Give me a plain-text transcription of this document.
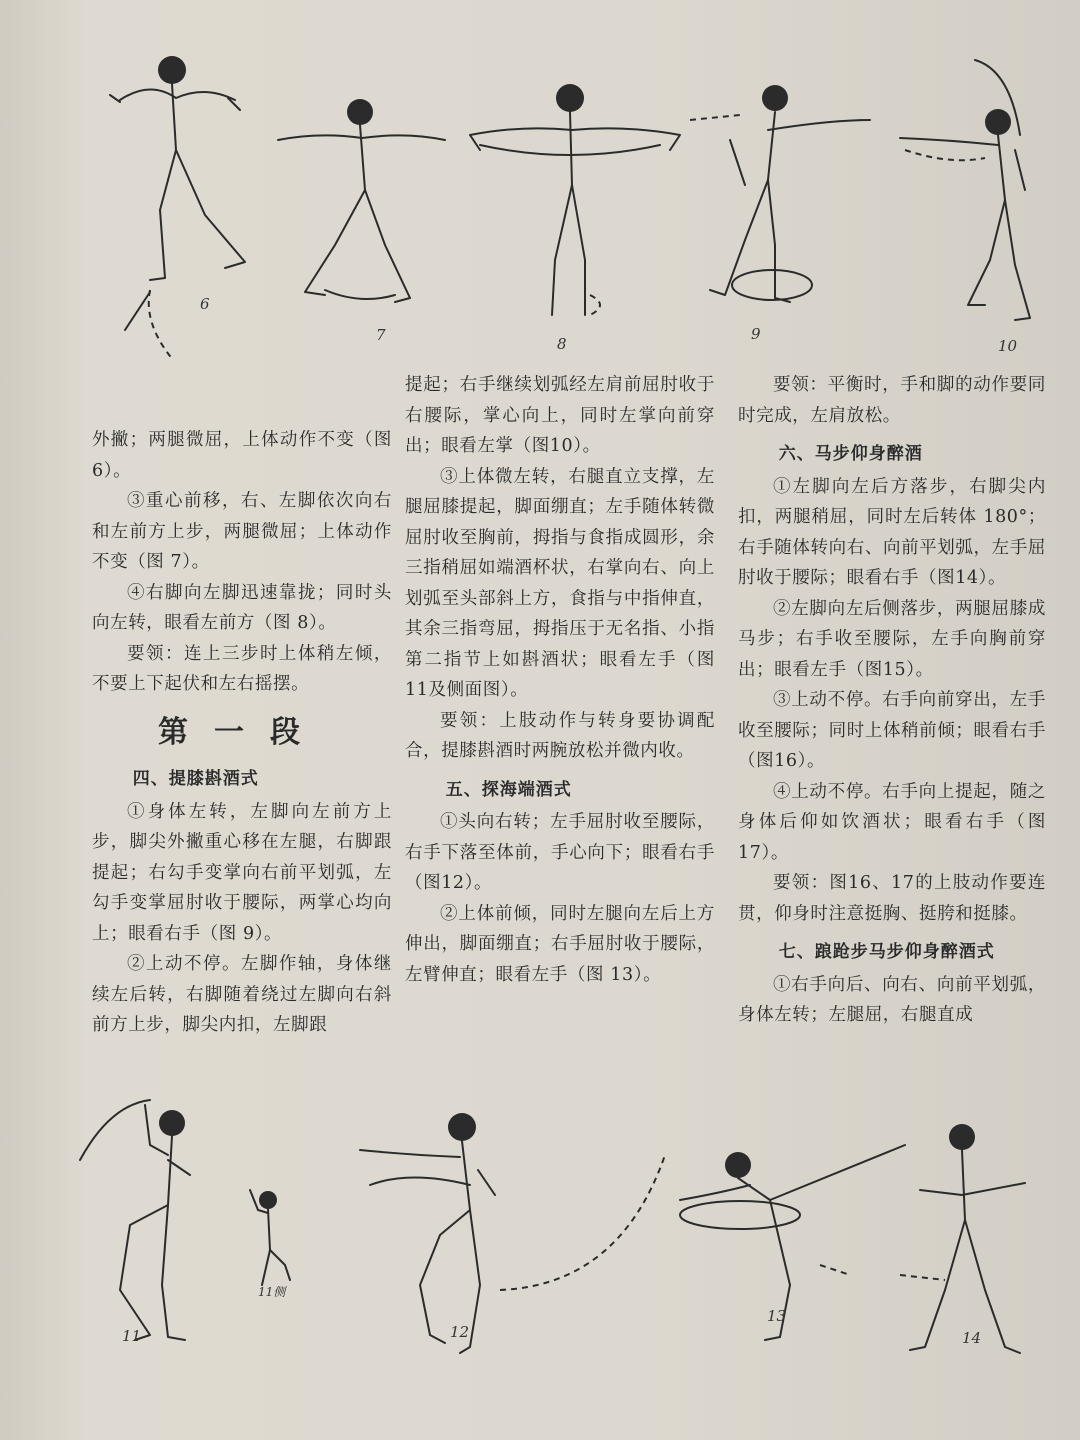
6
7	8
9
10

外撇；两腿微屈，上体动作不变（图 6）。

③重心前移，右、左脚依次向右和左前方上步，两腿微屈；上体动作不变（图 7）。

④右脚向左脚迅速靠拢；同时头向左转，眼看左前方（图 8）。

要领：连上三步时上体稍左倾，不要上下起伏和左右摇摆。

第一段
四、提膝斟酒式

①身体左转，左脚向左前方上步，脚尖外撇重心移在左腿，右脚跟提起；右勾手变掌向右前平划弧，左勾手变掌屈肘收于腰际，两掌心均向上；眼看右手（图 9）。

②上动不停。左脚作轴，身体继续左后转，右脚随着绕过左脚向右斜前方上步，脚尖内扣，左脚跟

提起；右手继续划弧经左肩前屈肘收于右腰际，掌心向上，同时左掌向前穿出；眼看左掌（图10）。

③上体微左转，右腿直立支撑，左腿屈膝提起，脚面绷直；左手随体转微屈肘收至胸前，拇指与食指成圆形，余三指稍屈如端酒杯状，右掌向右、向上划弧至头部斜上方，食指与中指伸直，其余三指弯屈，拇指压于无名指、小指第二指节上如斟酒状；眼看左手（图11及侧面图）。

要领：上肢动作与转身要协调配合，提膝斟酒时两腕放松并微内收。

五、探海端酒式

①头向右转；左手屈肘收至腰际，右手下落至体前，手心向下；眼看右手（图12）。

②上体前倾，同时左腿向左后上方伸出，脚面绷直；右手屈肘收于腰际，左臂伸直；眼看左手（图 13）。

要领：平衡时，手和脚的动作要同时完成，左肩放松。

六、马步仰身醉酒

①左脚向左后方落步，右脚尖内扣，两腿稍屈，同时左后转体 180°；右手随体转向右、向前平划弧，左手屈肘收于腰际；眼看右手（图14）。

②左脚向左后侧落步，两腿屈膝成马步；右手收至腰际，左手向胸前穿出；眼看左手（图15）。

③上动不停。右手向前穿出，左手收至腰际；同时上体稍前倾；眼看右手（图16）。

④上动不停。右手向上提起，随之身体后仰如饮酒状；眼看右手（图17）。

要领：图16、17的上肢动作要连贯，仰身时注意挺胸、挺胯和挺膝。

七、踉跄步马步仰身醉酒式

①右手向后、向右、向前平划弧，身体左转；左腿屈，右腿直成

11
11侧
12
13
14
